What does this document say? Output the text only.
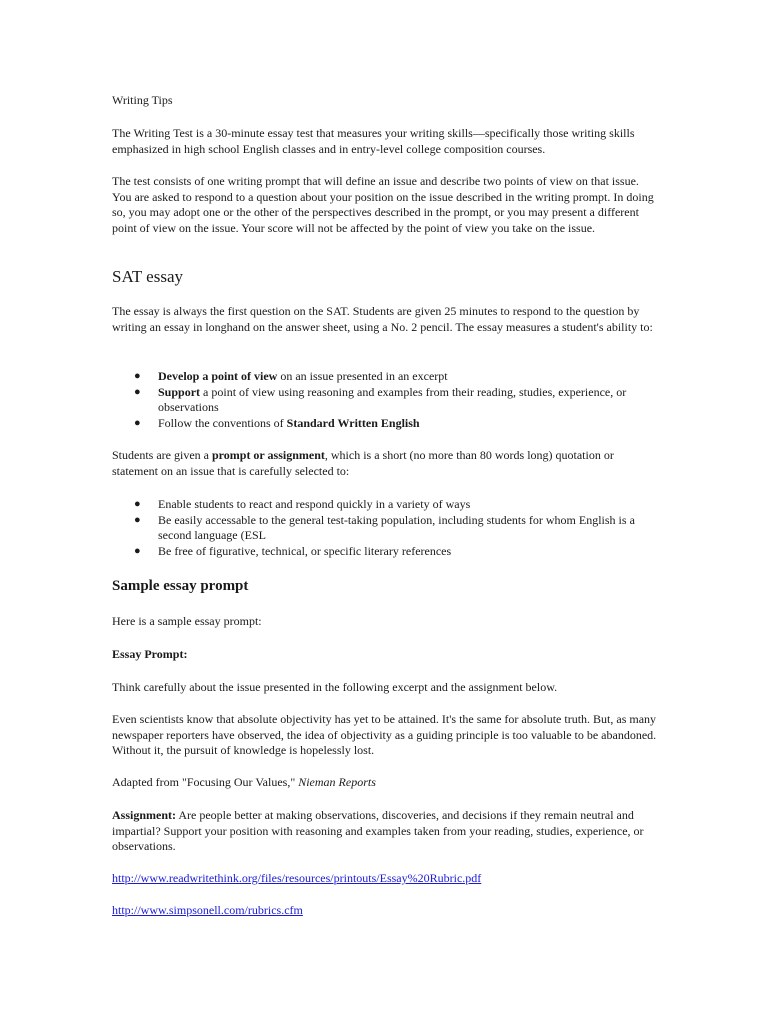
Writing Tips

The Writing Test is a 30-minute essay test that measures your writing skills—specifically those writing skills emphasized in high school English classes and in entry-level college composition courses.

The test consists of one writing prompt that will define an issue and describe two points of view on that issue. You are asked to respond to a question about your position on the issue described in the writing prompt. In doing so, you may adopt one or the other of the perspectives described in the prompt, or you may present a different point of view on the issue. Your score will not be affected by the point of view you take on the issue.

SAT essay

The essay is always the first question on the SAT. Students are given 25 minutes to respond to the question by writing an essay in longhand on the answer sheet, using a No. 2 pencil. The essay measures a student's ability to:

● Develop a point of view on an issue presented in an excerpt
● Support a point of view using reasoning and examples from their reading, studies, experience, or observations
● Follow the conventions of Standard Written English

Students are given a prompt or assignment, which is a short (no more than 80 words long) quotation or statement on an issue that is carefully selected to:

● Enable students to react and respond quickly in a variety of ways
● Be easily accessable to the general test-taking population, including students for whom English is a second language (ESL
● Be free of figurative, technical, or specific literary references
Sample essay prompt

Here is a sample essay prompt:

Essay Prompt:

Think carefully about the issue presented in the following excerpt and the assignment below.

Even scientists know that absolute objectivity has yet to be attained. It's the same for absolute truth. But, as many newspaper reporters have observed, the idea of objectivity as a guiding principle is too valuable to be abandoned. Without it, the pursuit of knowledge is hopelessly lost.

Adapted from "Focusing Our Values," Nieman Reports

Assignment: Are people better at making observations, discoveries, and decisions if they remain neutral and impartial? Support your position with reasoning and examples taken from your reading, studies, experience, or observations.

http://www.readwritethink.org/files/resources/printouts/Essay%20Rubric.pdf

http://www.simpsonell.com/rubrics.cfm
